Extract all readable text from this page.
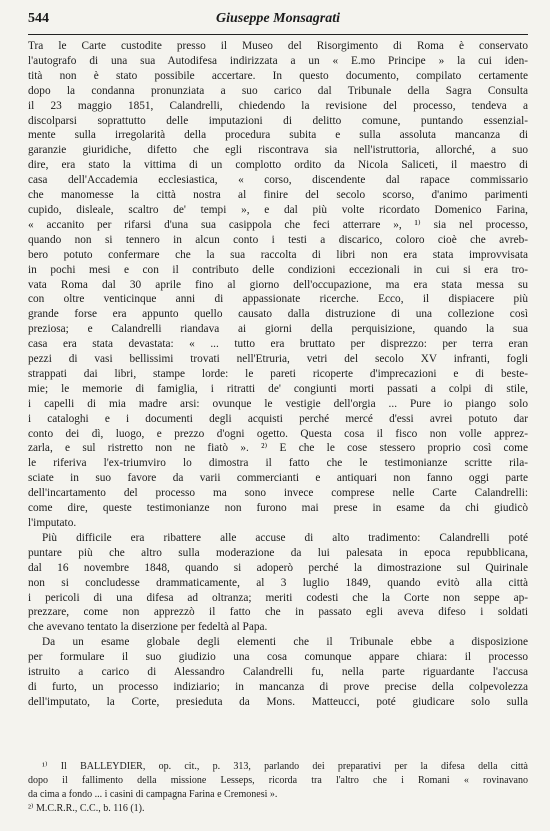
544	Giuseppe Monsagrati
Tra le Carte custodite presso il Museo del Risorgimento di Roma è conservato
l'autografo di una sua Autodifesa indirizzata a un « E.mo Principe » la cui iden-
tità non è stato possibile accertare. In questo documento, compilato certamente
dopo la condanna pronunziata a suo carico dal Tribunale della Sagra Consulta
il 23 maggio 1851, Calandrelli, chiedendo la revisione del processo, tendeva a
discolparsi soprattutto delle imputazioni di delitto comune, puntando essenzial-
mente sulla irregolarità della procedura subita e sulla assoluta mancanza di
garanzie giuridiche, difetto che egli riscontrava sia nell'istruttoria, allorché, a suo
dire, era stato la vittima di un complotto ordito da Nicola Saliceti, il maestro di
casa dell'Accademia ecclesiastica, « corso, discendente dal rapace commissario
che manomesse la città nostra al finire del secolo scorso, d'animo parimenti
cupido, disleale, scaltro de' tempi », e dal più volte ricordato Domenico Farina,
« accanito per rifarsi d'una sua casippola che feci atterrare », ¹⁾ sia nel processo,
quando non si tennero in alcun conto i testi a discarico, coloro cioè che avreb-
bero potuto confermare che la sua raccolta di libri non era stata improvvisata
in pochi mesi e con il contributo delle condizioni eccezionali in cui si era tro-
vata Roma dal 30 aprile fino al giorno dell'occupazione, ma era stata messa su
con oltre venticinque anni di appassionate ricerche. Ecco, il dispiacere più
grande forse era appunto quello causato dalla distruzione di una collezione così
preziosa; e Calandrelli riandava ai giorni della perquisizione, quando la sua
casa era stata devastata: « ... tutto era bruttato per disprezzo: per terra eran
pezzi di vasi bellissimi trovati nell'Etruria, vetri del secolo XV infranti, fogli
strappati dai libri, stampe lorde: le pareti ricoperte d'imprecazioni e di beste-
mie; le memorie di famiglia, i ritratti de' congiunti morti passati a colpi di stile,
i capelli di mia madre arsi: ovunque le vestigie dell'orgia ... Pure io piango solo
i cataloghi e i documenti degli acquisti perché mercé d'essi avrei potuto dar
conto dei dì, luogo, e prezzo d'ogni ogetto. Questa cosa il fisco non volle apprez-
zarla, e sul ristretto non ne fiatò ». ²⁾ E che le cose stessero proprio così come
le riferiva l'ex-triumviro lo dimostra il fatto che le testimonianze scritte rila-
sciate in suo favore da varii commercianti e antiquari non fanno oggi parte
dell'incartamento del processo ma sono invece comprese nelle Carte Calandrelli:
come dire, queste testimonianze non furono mai prese in esame da chi giudicò
l'imputato.
Più difficile era ribattere alle accuse di alto tradimento: Calandrelli poté
puntare più che altro sulla moderazione da lui palesata in epoca repubblicana,
dal 16 novembre 1848, quando si adoperò perché la dimostrazione sul Quirinale
non si concludesse drammaticamente, al 3 luglio 1849, quando evitò alla città
i pericoli di una difesa ad oltranza; meriti codesti che la Corte non seppe ap-
prezzare, come non apprezzò il fatto che in passato egli aveva difeso i soldati
che avevano tentato la diserzione per fedeltà al Papa.
Da un esame globale degli elementi che il Tribunale ebbe a disposizione
per formulare il suo giudizio una cosa comunque appare chiara: il processo
istruito a carico di Alessandro Calandrelli fu, nella parte riguardante l'accusa
di furto, un processo indiziario; in mancanza di prove precise della colpevolezza
dell'imputato, la Corte, presieduta da Mons. Matteucci, poté giudicare solo sulla
¹⁾ Il BALLEYDIER, op. cit., p. 313, parlando dei preparativi per la difesa della città
dopo il fallimento della missione Lesseps, ricorda tra l'altro che i Romani « rovinavano
da cima a fondo ... i casini di campagna Farina e Cremonesi ».
²⁾ M.C.R.R., C.C., b. 116 (1).
